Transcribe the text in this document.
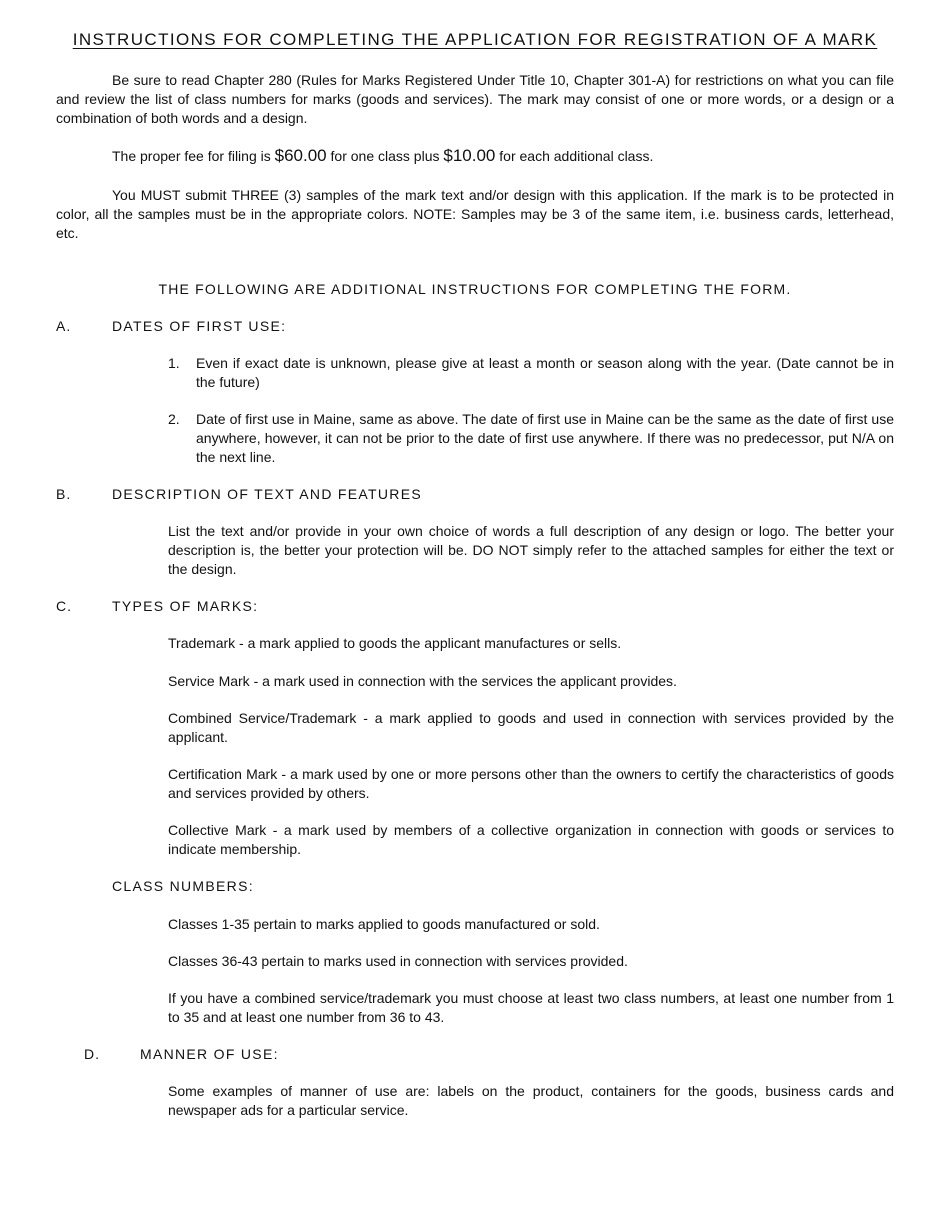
INSTRUCTIONS FOR COMPLETING THE APPLICATION FOR REGISTRATION OF A MARK

Be sure to read Chapter 280 (Rules for Marks Registered Under Title 10, Chapter 301-A) for restrictions on what you can file and review the list of class numbers for marks (goods and services). The mark may consist of one or more words, or a design or a combination of both words and a design.

The proper fee for filing is $60.00 for one class plus $10.00 for each additional class.

You MUST submit THREE (3) samples of the mark text and/or design with this application. If the mark is to be protected in color, all the samples must be in the appropriate colors. NOTE: Samples may be 3 of the same item, i.e. business cards, letterhead, etc.

THE FOLLOWING ARE ADDITIONAL INSTRUCTIONS FOR COMPLETING THE FORM.

A.	DATES OF FIRST USE:

1. Even if exact date is unknown, please give at least a month or season along with the year. (Date cannot be in the future)

2. Date of first use in Maine, same as above. The date of first use in Maine can be the same as the date of first use anywhere, however, it can not be prior to the date of first use anywhere. If there was no predecessor, put N/A on the next line.

B.	DESCRIPTION OF TEXT AND FEATURES

List the text and/or provide in your own choice of words a full description of any design or logo. The better your description is, the better your protection will be. DO NOT simply refer to the attached samples for either the text or the design.

C.	TYPES OF MARKS:

Trademark - a mark applied to goods the applicant manufactures or sells.

Service Mark - a mark used in connection with the services the applicant provides.

Combined Service/Trademark - a mark applied to goods and used in connection with services provided by the applicant.

Certification Mark - a mark used by one or more persons other than the owners to certify the characteristics of goods and services provided by others.

Collective Mark - a mark used by members of a collective organization in connection with goods or services to indicate membership.

CLASS NUMBERS:

Classes 1-35 pertain to marks applied to goods manufactured or sold.

Classes 36-43 pertain to marks used in connection with services provided.

If you have a combined service/trademark you must choose at least two class numbers, at least one number from 1 to 35 and at least one number from 36 to 43.

D.	MANNER OF USE:

Some examples of manner of use are: labels on the product, containers for the goods, business cards and newspaper ads for a particular service.
